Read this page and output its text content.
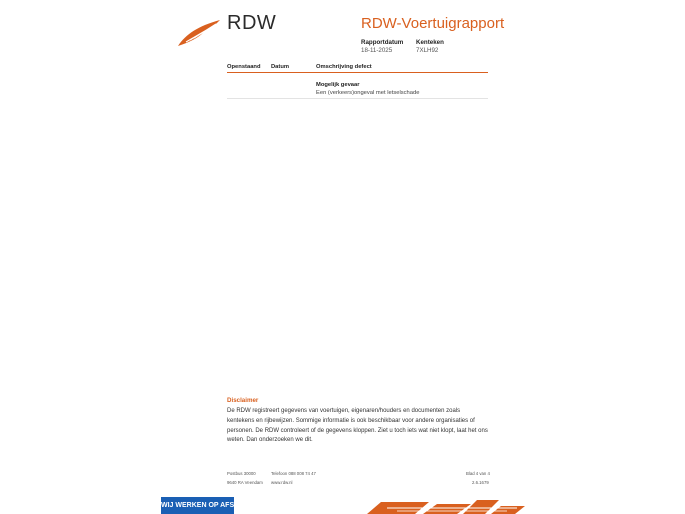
RDW	RDW-Voertuigrapport
Rapportdatum
18-11-2025
Kenteken
7XLH92
Openstaand Datum	Omschrijving defect
Mogelijk gevaar
Een (verkeers)ongeval met letselschade
Disclaimer
De RDW registreert gegevens van voertuigen, eigenaren/houders en documenten zoals kentekens en rijbewijzen. Sommige informatie is ook beschikbaar voor andere organisaties of personen. De RDW controleert of de gegevens kloppen. Ziet u toch iets wat niet klopt, laat het ons weten. Dan onderzoeken we dit.
Postbus 30000
9640 RA Veendam
Telefoon 088 008 74 47
www.rdw.nl
Blad 4 van 4
2.6.1679
WIJ WERKEN OP AFSPRAAK
